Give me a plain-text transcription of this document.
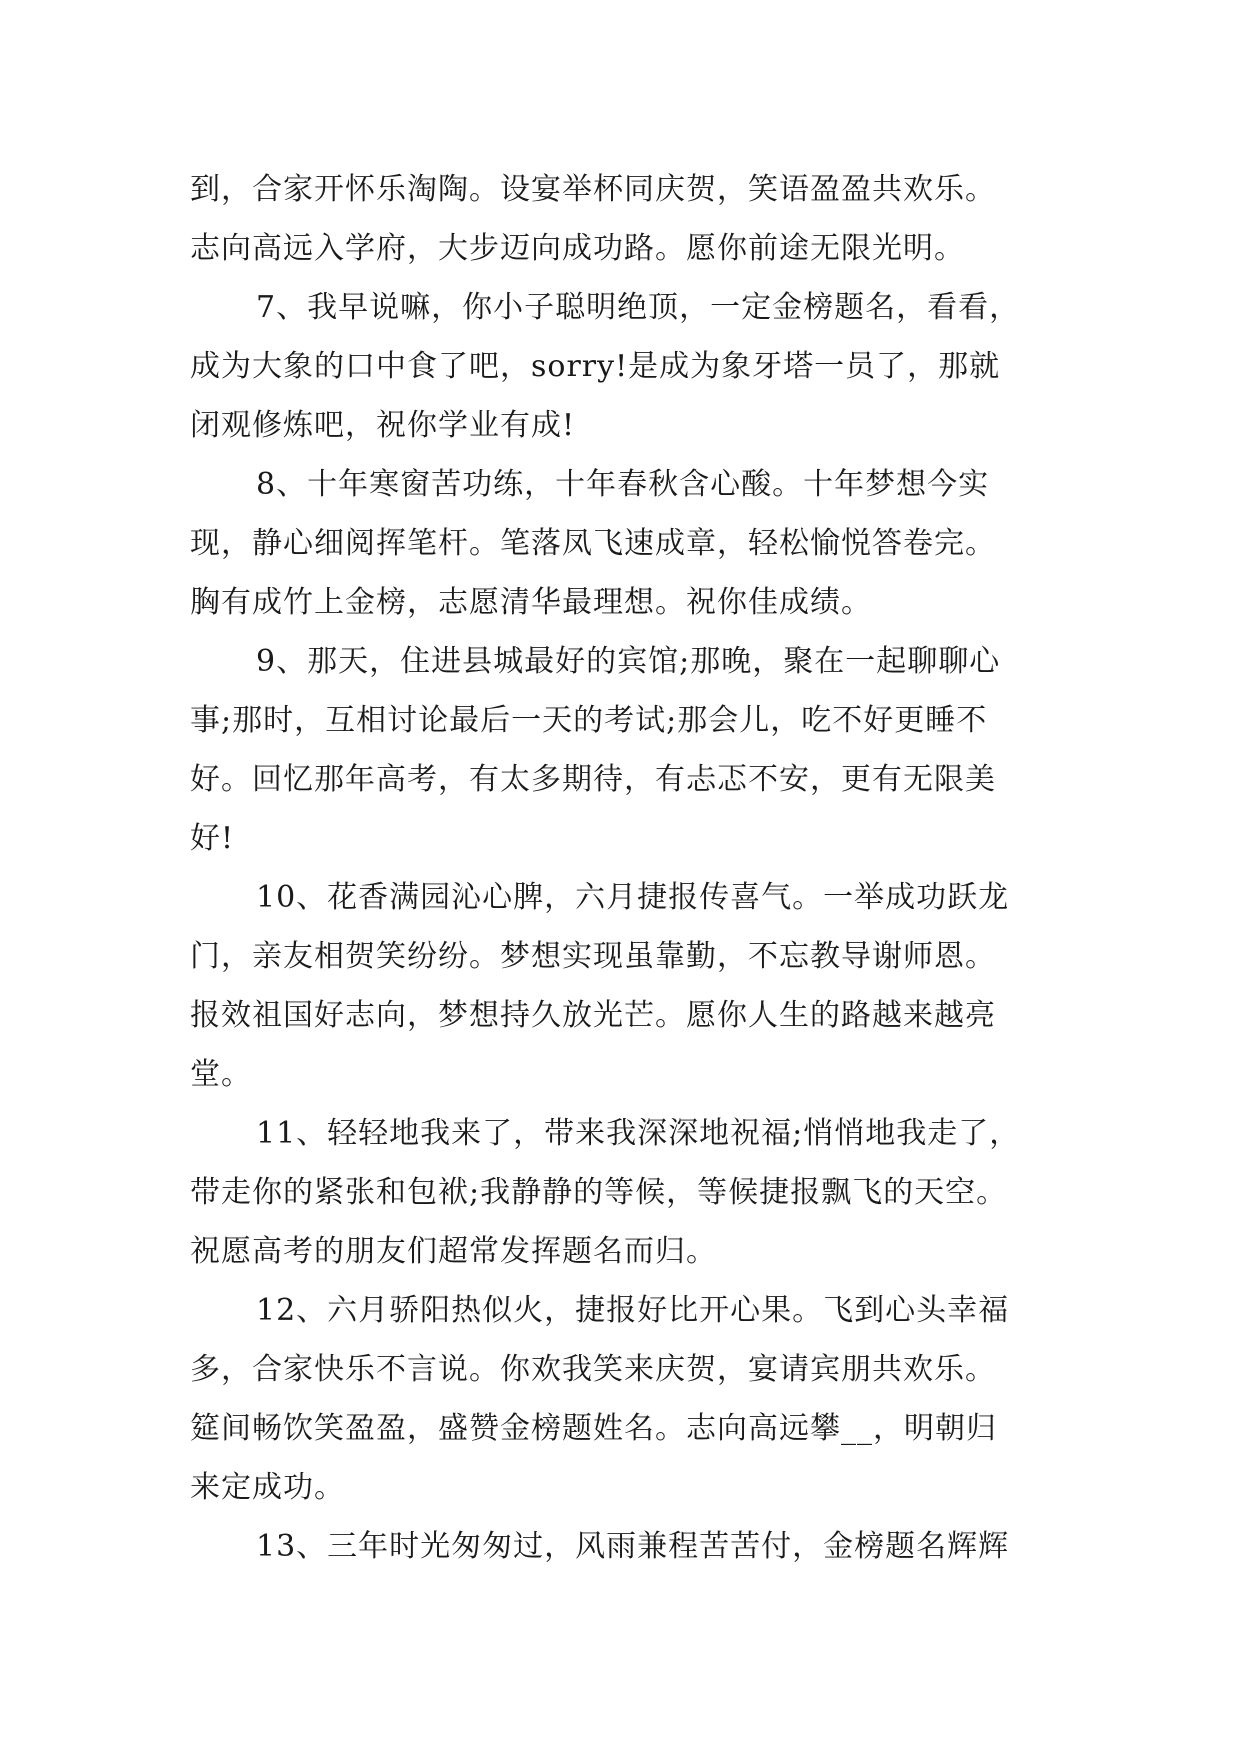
到，合家开怀乐淘陶。设宴举杯同庆贺，笑语盈盈共欢乐。
志向高远入学府，大步迈向成功路。愿你前途无限光明。
7、我早说嘛，你小子聪明绝顶，一定金榜题名，看看，
成为大象的口中食了吧，sorry!是成为象牙塔一员了，那就
闭观修炼吧，祝你学业有成!
8、十年寒窗苦功练，十年春秋含心酸。十年梦想今实
现，静心细阅挥笔杆。笔落凤飞速成章，轻松愉悦答卷完。
胸有成竹上金榜，志愿清华最理想。祝你佳成绩。
9、那天，住进县城最好的宾馆;那晚，聚在一起聊聊心
事;那时，互相讨论最后一天的考试;那会儿，吃不好更睡不
好。回忆那年高考，有太多期待，有忐忑不安，更有无限美
好!
10、花香满园沁心脾，六月捷报传喜气。一举成功跃龙
门，亲友相贺笑纷纷。梦想实现虽靠勤，不忘教导谢师恩。
报效祖国好志向，梦想持久放光芒。愿你人生的路越来越亮
堂。
11、轻轻地我来了，带来我深深地祝福;悄悄地我走了，
带走你的紧张和包袱;我静静的等候，等候捷报飘飞的天空。
祝愿高考的朋友们超常发挥题名而归。
12、六月骄阳热似火，捷报好比开心果。飞到心头幸福
多，合家快乐不言说。你欢我笑来庆贺，宴请宾朋共欢乐。
筵间畅饮笑盈盈，盛赞金榜题姓名。志向高远攀__，明朝归
来定成功。
13、三年时光匆匆过，风雨兼程苦苦付，金榜题名辉辉
